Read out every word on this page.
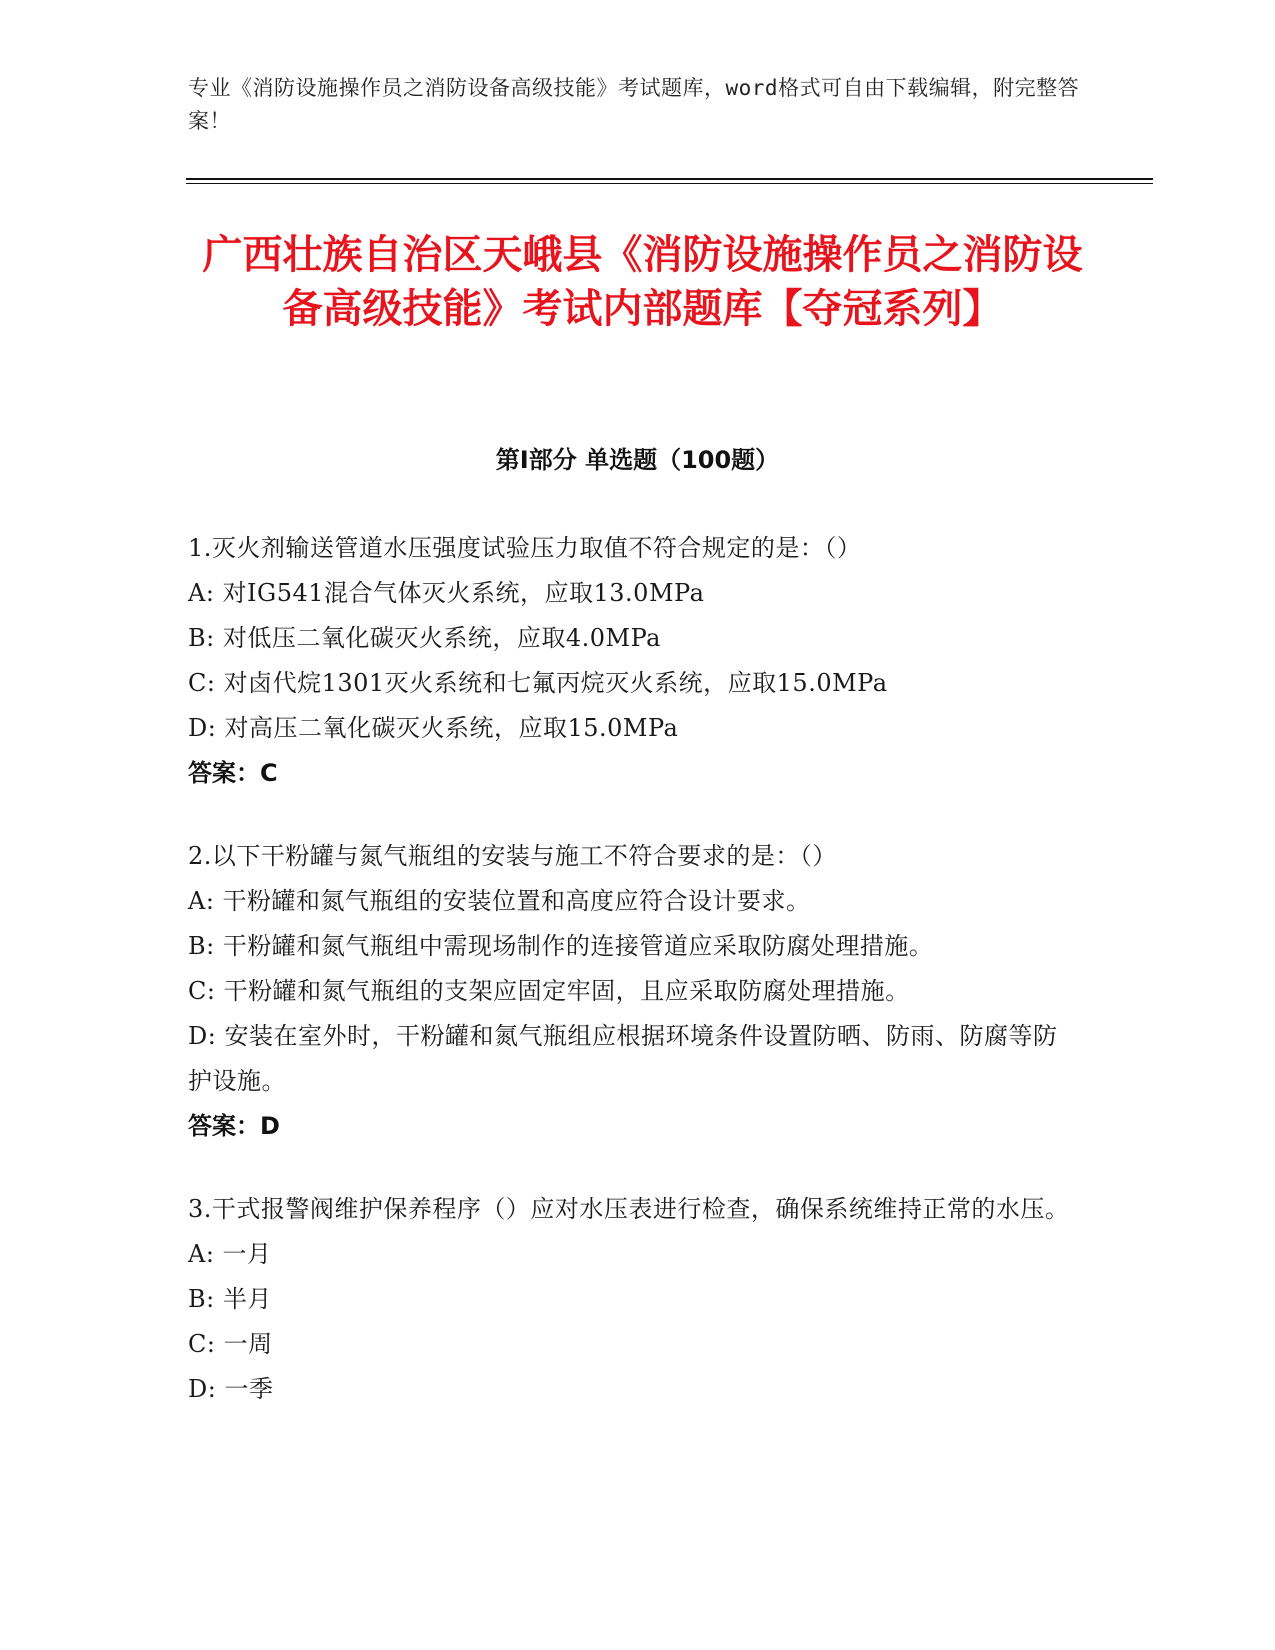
专业《消防设施操作员之消防设备高级技能》考试题库，word格式可自由下载编辑，附完整答案！
广西壮族自治区天峨县《消防设施操作员之消防设备高级技能》考试内部题库【夺冠系列】
第Ⅰ部分 单选题（100题）
1.灭火剂输送管道水压强度试验压力取值不符合规定的是：（）
A: 对IG541混合气体灭火系统，应取13.0MPa
B: 对低压二氧化碳灭火系统，应取4.0MPa
C: 对卤代烷1301灭火系统和七氟丙烷灭火系统，应取15.0MPa
D: 对高压二氧化碳灭火系统，应取15.0MPa
答案：C
2.以下干粉罐与氮气瓶组的安装与施工不符合要求的是：（）
A: 干粉罐和氮气瓶组的安装位置和高度应符合设计要求。
B: 干粉罐和氮气瓶组中需现场制作的连接管道应采取防腐处理措施。
C: 干粉罐和氮气瓶组的支架应固定牢固，且应采取防腐处理措施。
D: 安装在室外时，干粉罐和氮气瓶组应根据环境条件设置防晒、防雨、防腐等防护设施。
答案：D
3.干式报警阀维护保养程序（）应对水压表进行检查，确保系统维持正常的水压。
A: 一月
B: 半月
C: 一周
D: 一季
